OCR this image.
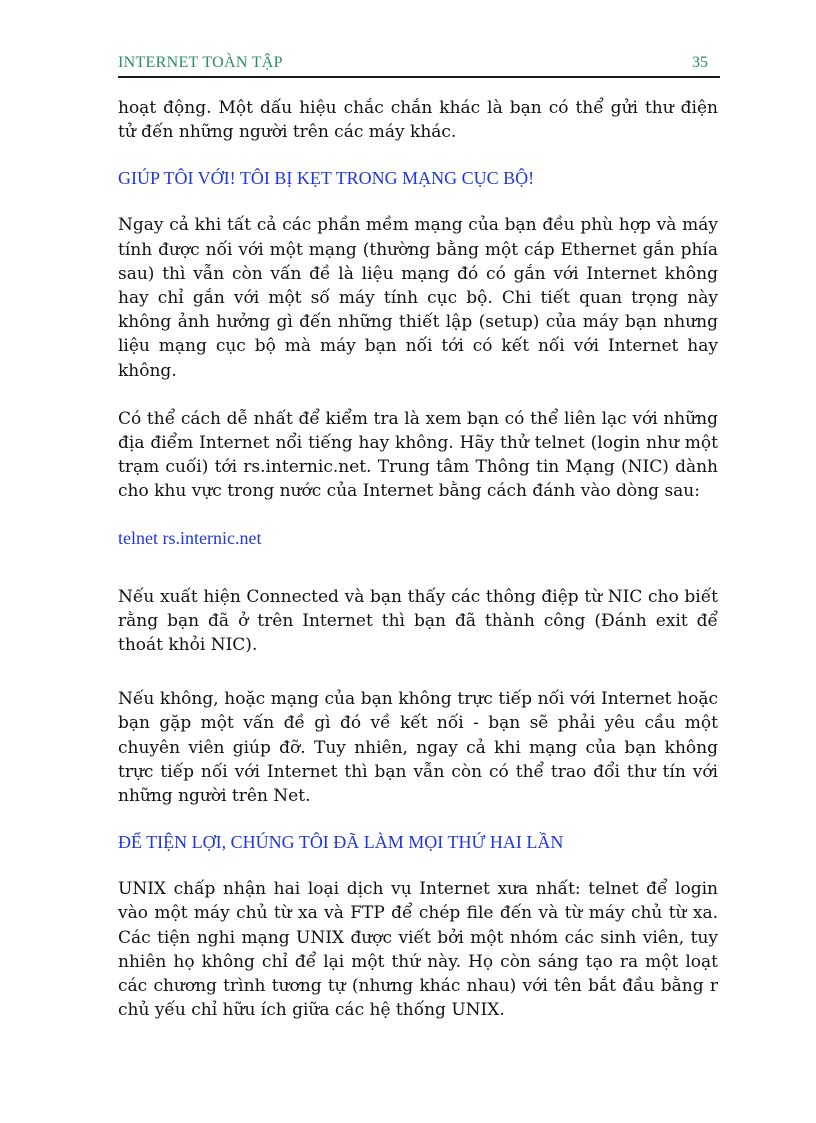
INTERNET TOÀN TẬP	35

hoạt động. Một dấu hiệu chắc chắn khác là bạn có thể gửi thư điện tử đến những người trên các máy khác.

GIÚP TÔI VỚI! TÔI BỊ KẸT TRONG MẠNG CỤC BỘ!

Ngay cả khi tất cả các phần mềm mạng của bạn đều phù hợp và máy tính được nối với một mạng (thường bằng một cáp Ethernet gắn phía sau) thì vẫn còn vấn đề là liệu mạng đó có gắn với Internet không hay chỉ gắn với một số máy tính cục bộ. Chi tiết quan trọng này không ảnh hưởng gì đến những thiết lập (setup) của máy bạn nhưng liệu mạng cục bộ mà máy bạn nối tới có kết nối với Internet hay không.

Có thể cách dễ nhất để kiểm tra là xem bạn có thể liên lạc với những địa điểm Internet nổi tiếng hay không. Hãy thử telnet (login như một trạm cuối) tới rs.internic.net. Trung tâm Thông tin Mạng (NIC) dành cho khu vực trong nước của Internet bằng cách đánh vào dòng sau:

telnet rs.internic.net

Nếu xuất hiện Connected và bạn thấy các thông điệp từ NIC cho biết rằng bạn đã ở trên Internet thì bạn đã thành công (Đánh exit để thoát khỏi NIC).

Nếu không, hoặc mạng của bạn không trực tiếp nối với Internet hoặc bạn gặp một vấn đề gì đó về kết nối - bạn sẽ phải yêu cầu một chuyên viên giúp đỡ. Tuy nhiên, ngay cả khi mạng của bạn không trực tiếp nối với Internet thì bạn vẫn còn có thể trao đổi thư tín với những người trên Net.

ĐỂ TIỆN LỢI, CHÚNG TÔI ĐÃ LÀM MỌI THỨ HAI LẦN

UNIX chấp nhận hai loại dịch vụ Internet xưa nhất: telnet để login vào một máy chủ từ xa và FTP để chép file đến và từ máy chủ từ xa. Các tiện nghi mạng UNIX được viết bởi một nhóm các sinh viên, tuy nhiên họ không chỉ để lại một thứ này. Họ còn sáng tạo ra một loạt các chương trình tương tự (nhưng khác nhau) với tên bắt đầu bằng r chủ yếu chỉ hữu ích giữa các hệ thống UNIX.
